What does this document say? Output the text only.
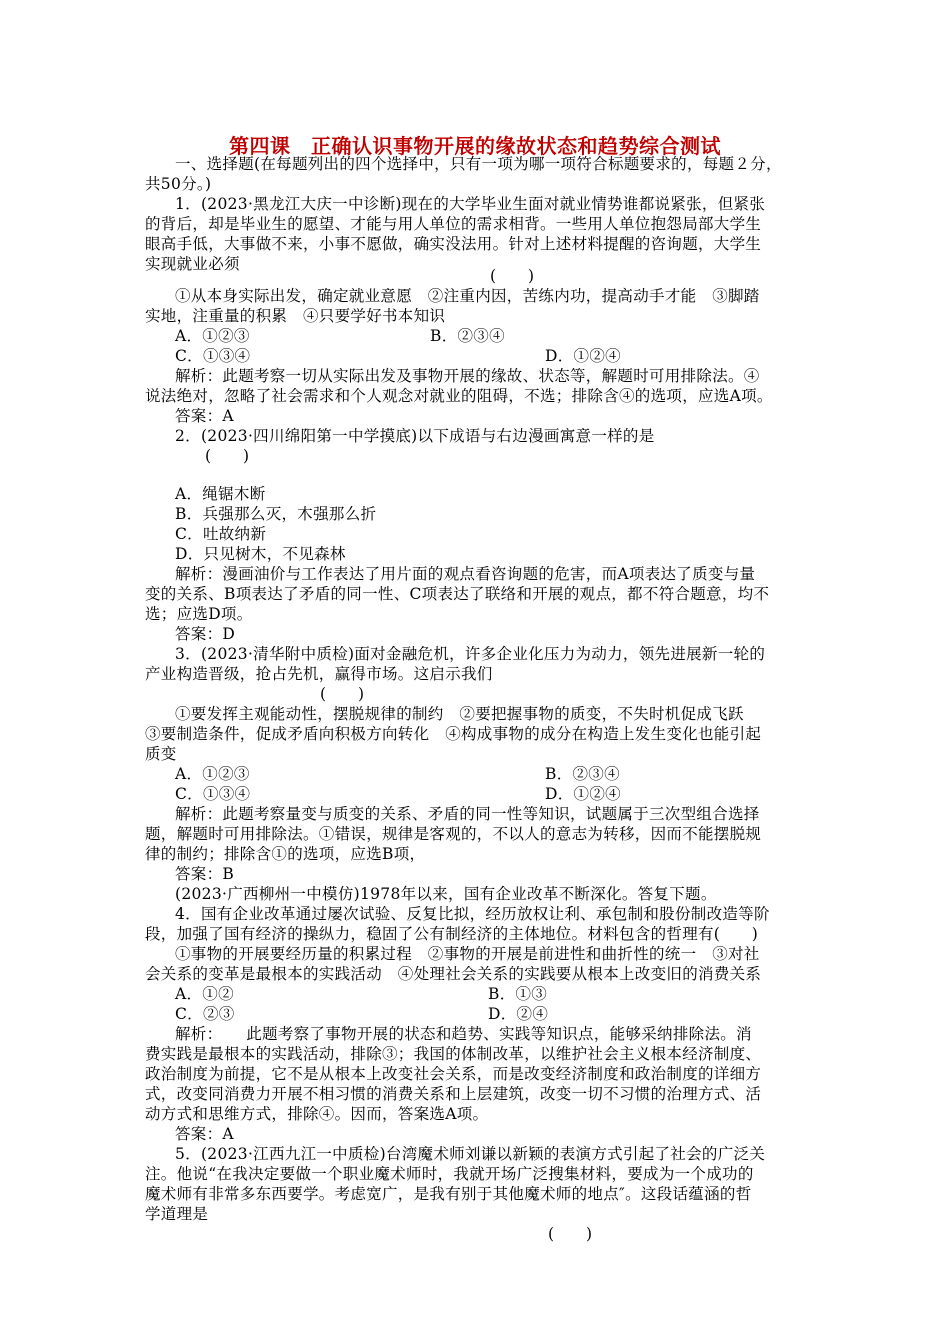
第四课　正确认识事物开展的缘故状态和趋势综合测试
一、选择题(在每题列出的四个选择中，只有一项为哪一项符合标题要求的，每题２分，
共50分。)
1．(2023·黑龙江大庆一中诊断)现在的大学毕业生面对就业情势谁都说紧张，但紧张
的背后，却是毕业生的愿望、才能与用人单位的需求相背。一些用人单位抱怨局部大学生
眼高手低，大事做不来，小事不愿做，确实没法用。针对上述材料提醒的咨询题，大学生
实现就业必须
(　　)
①从本身实际出发，确定就业意愿　②注重内因，苦练内功，提高动手才能　③脚踏
实地，注重量的积累　④只要学好书本知识
A．①②③	B．②③④
C．①③④	D．①②④
解析：此题考察一切从实际出发及事物开展的缘故、状态等，解题时可用排除法。④
说法绝对，忽略了社会需求和个人观念对就业的阻碍，不选；排除含④的选项，应选A项。
答案：A
2．(2023·四川绵阳第一中学摸底)以下成语与右边漫画寓意一样的是
(　　)
A．绳锯木断
B．兵强那么灭，木强那么折
C．吐故纳新
D．只见树木，不见森林
解析：漫画油价与工作表达了用片面的观点看咨询题的危害，而A项表达了质变与量
变的关系、B项表达了矛盾的同一性、C项表达了联络和开展的观点，都不符合题意，均不
选；应选D项。
答案：D
3．(2023·清华附中质检)面对金融危机，许多企业化压力为动力，领先进展新一轮的
产业构造晋级，抢占先机，赢得市场。这启示我们
(　　)
①要发挥主观能动性，摆脱规律的制约　②要把握事物的质变，不失时机促成飞跃
③要制造条件，促成矛盾向积极方向转化　④构成事物的成分在构造上发生变化也能引起
质变
A．①②③	B．②③④
C．①③④	D．①②④
解析：此题考察量变与质变的关系、矛盾的同一性等知识，试题属于三次型组合选择
题，解题时可用排除法。①错误，规律是客观的，不以人的意志为转移，因而不能摆脱规
律的制约；排除含①的选项，应选B项，
答案：B
(2023·广西柳州一中模仿)1978年以来，国有企业改革不断深化。答复下题。
4．国有企业改革通过屡次试验、反复比拟，经历放权让利、承包制和股份制改造等阶
段，加强了国有经济的操纵力，稳固了公有制经济的主体地位。材料包含的哲理有(　　)
①事物的开展要经历量的积累过程　②事物的开展是前进性和曲折性的统一　③对社
会关系的变革是最根本的实践活动　④处理社会关系的实践要从根本上改变旧的消费关系
A．①②	B．①③
C．②③	D．②④
解析：　　此题考察了事物开展的状态和趋势、实践等知识点，能够采纳排除法。消
费实践是最根本的实践活动，排除③；我国的体制改革，以维护社会主义根本经济制度、
政治制度为前提，它不是从根本上改变社会关系，而是改变经济制度和政治制度的详细方
式，改变同消费力开展不相习惯的消费关系和上层建筑，改变一切不习惯的治理方式、活
动方式和思维方式，排除④。因而，答案选A项。
答案：A
5．(2023·江西九江一中质检)台湾魔术师刘谦以新颖的表演方式引起了社会的广泛关
注。他说“在我决定要做一个职业魔术师时，我就开场广泛搜集材料，要成为一个成功的
魔术师有非常多东西要学。考虑宽广，是我有别于其他魔术师的地点″。这段话蕴涵的哲
学道理是
(　　)
